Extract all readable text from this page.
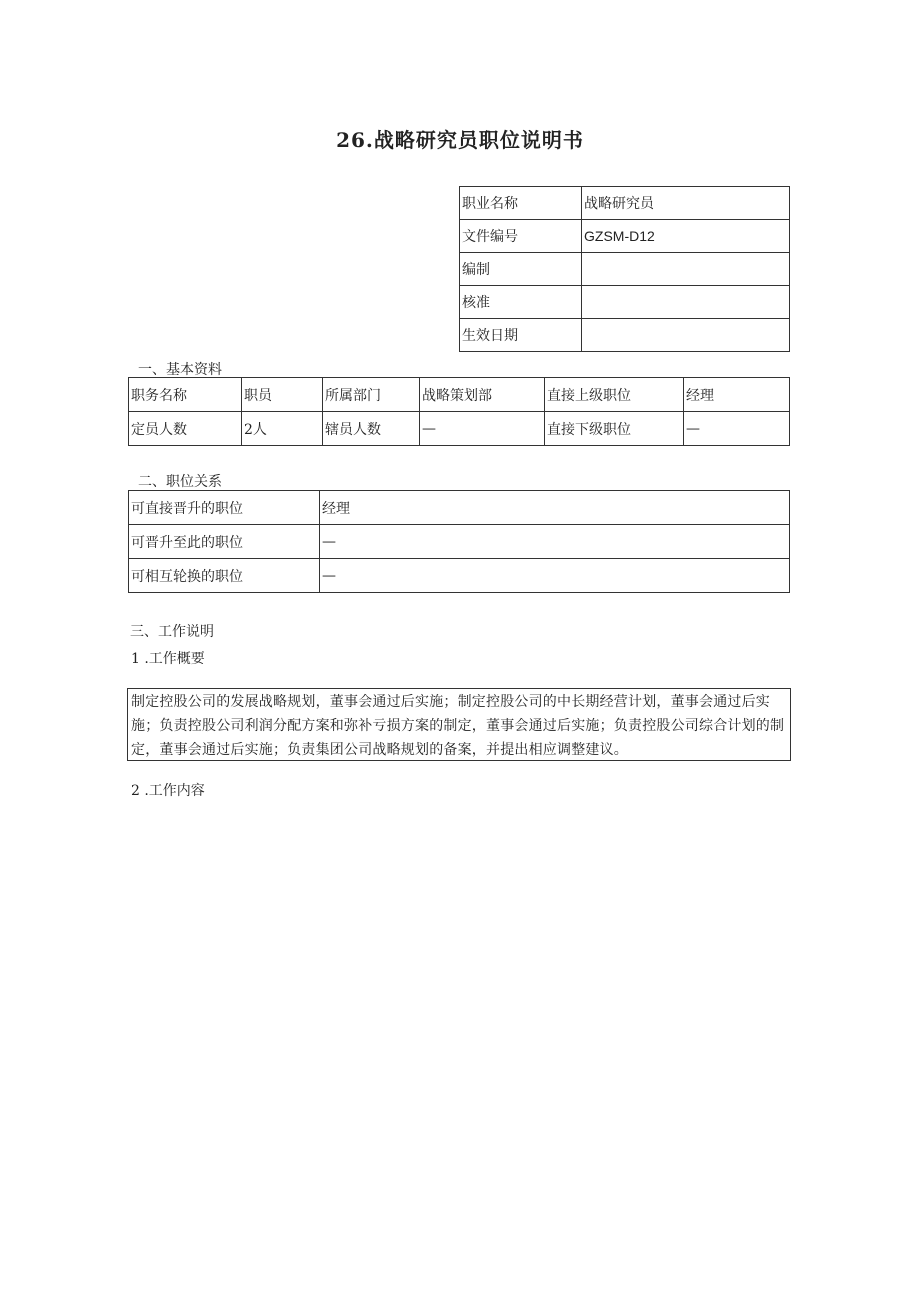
26.战略研究员职位说明书
职业名称	战略研究员
文件编号	GZSM-D12
编制	
核准	
生效日期	
一、基本资料
职务名称	职员	所属部门	战略策划部	直接上级职位	经理
定员人数	2人	辖员人数	—	直接下级职位	—
二、职位关系
可直接晋升的职位	经理
可晋升至此的职位	—
可相互轮换的职位	—
三、工作说明
1 .工作概要
制定控股公司的发展战略规划，董事会通过后实施；制定控股公司的中长期经营计划，董事会通过后实施；负责控股公司利润分配方案和弥补亏损方案的制定，董事会通过后实施；负责控股公司综合计划的制定，董事会通过后实施；负责集团公司战略规划的备案，并提出相应调整建议。
2 .工作内容
